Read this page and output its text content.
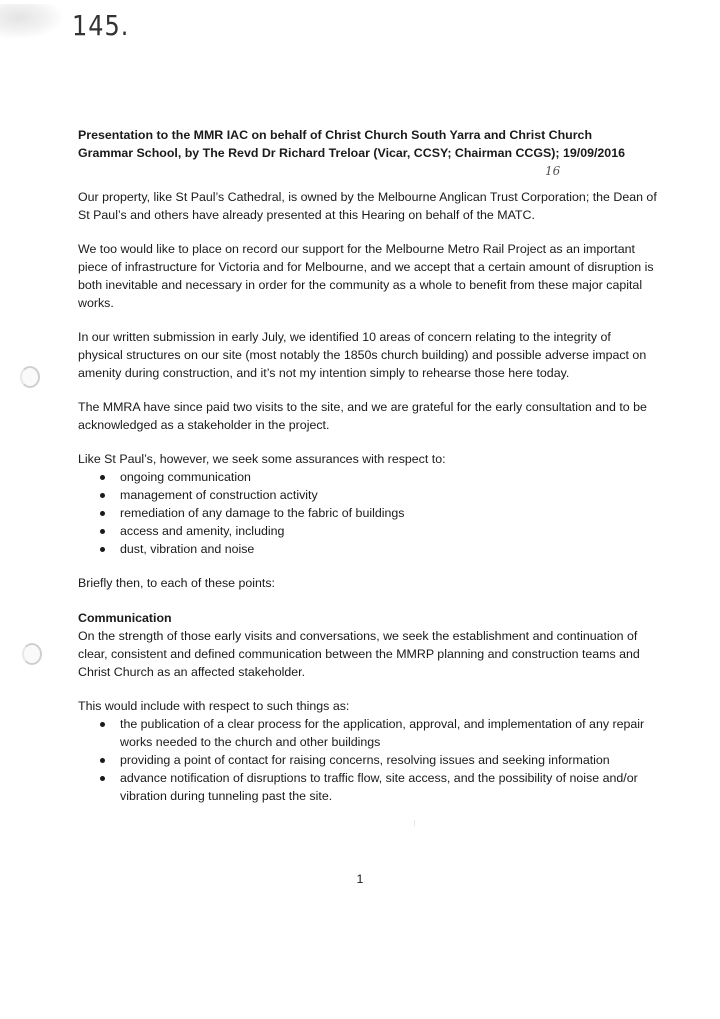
145.

Presentation to the MMR IAC on behalf of Christ Church South Yarra and Christ Church

Grammar School, by The Revd Dr Richard Treloar (Vicar, CCSY; Chairman CCGS); 19/09/2016

16

Our property, like St Paul’s Cathedral, is owned by the Melbourne Anglican Trust Corporation; the Dean of St Paul’s and others have already presented at this Hearing on behalf of the MATC.

We too would like to place on record our support for the Melbourne Metro Rail Project as an important piece of infrastructure for Victoria and for Melbourne, and we accept that a certain amount of disruption is both inevitable and necessary in order for the community as a whole to benefit from these major capital works.

In our written submission in early July, we identified 10 areas of concern relating to the integrity of physical structures on our site (most notably the 1850s church building) and possible adverse impact on amenity during construction, and it’s not my intention simply to rehearse those here today.

The MMRA have since paid two visits to the site, and we are grateful for the early consultation and to be acknowledged as a stakeholder in the project.

Like St Paul’s, however, we seek some assurances with respect to:

ongoing communication
management of construction activity
remediation of any damage to the fabric of buildings
access and amenity, including
dust, vibration and noise

Briefly then, to each of these points:

Communication

On the strength of those early visits and conversations, we seek the establishment and continuation of clear, consistent and defined communication between the MMRP planning and construction teams and Christ Church as an affected stakeholder.

This would include with respect to such things as:

the publication of a clear process for the application, approval, and implementation of any repair works needed to the church and other buildings
providing a point of contact for raising concerns, resolving issues and seeking information
advance notification of disruptions to traffic flow, site access, and the possibility of noise and/or vibration during tunneling past the site.
1
